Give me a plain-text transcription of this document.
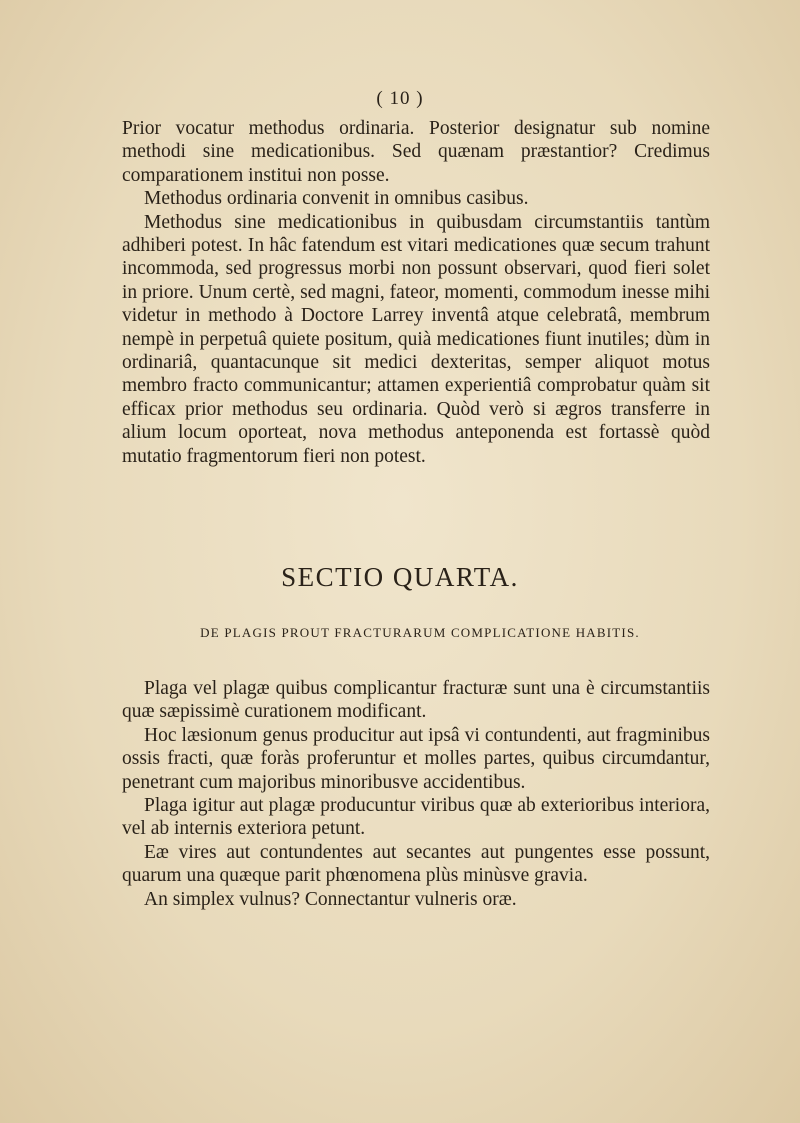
( 10 )

Prior vocatur methodus ordinaria. Posterior designatur sub nomine methodi sine medicationibus. Sed quænam præstantior? Credimus comparationem institui non posse.

Methodus ordinaria convenit in omnibus casibus.

Methodus sine medicationibus in quibusdam circumstantiis tantùm adhiberi potest. In hâc fatendum est vitari medicationes quæ secum trahunt incommoda, sed progressus morbi non possunt observari, quod fieri solet in priore. Unum certè, sed magni, fateor, momenti, commodum inesse mihi videtur in methodo à Doctore Larrey inventâ atque celebratâ, membrum nempè in perpetuâ quiete positum, quià medicationes fiunt inutiles; dùm in ordinariâ, quantacunque sit medici dexteritas, semper aliquot motus membro fracto communicantur; attamen experientiâ comprobatur quàm sit efficax prior methodus seu ordinaria. Quòd verò si ægros transferre in alium locum oporteat, nova methodus anteponenda est fortassè quòd mutatio fragmentorum fieri non potest.

SECTIO QUARTA.
DE PLAGIS PROUT FRACTURARUM COMPLICATIONE HABITIS.

Plaga vel plagæ quibus complicantur fracturæ sunt una è circumstantiis quæ sæpissimè curationem modificant.

Hoc læsionum genus producitur aut ipsâ vi contundenti, aut fragminibus ossis fracti, quæ foràs proferuntur et molles partes, quibus circumdantur, penetrant cum majoribus minoribusve accidentibus.

Plaga igitur aut plagæ producuntur viribus quæ ab exterioribus interiora, vel ab internis exteriora petunt.

Eæ vires aut contundentes aut secantes aut pungentes esse possunt, quarum una quæque parit phœnomena plùs minùsve gravia.

An simplex vulnus? Connectantur vulneris oræ.
